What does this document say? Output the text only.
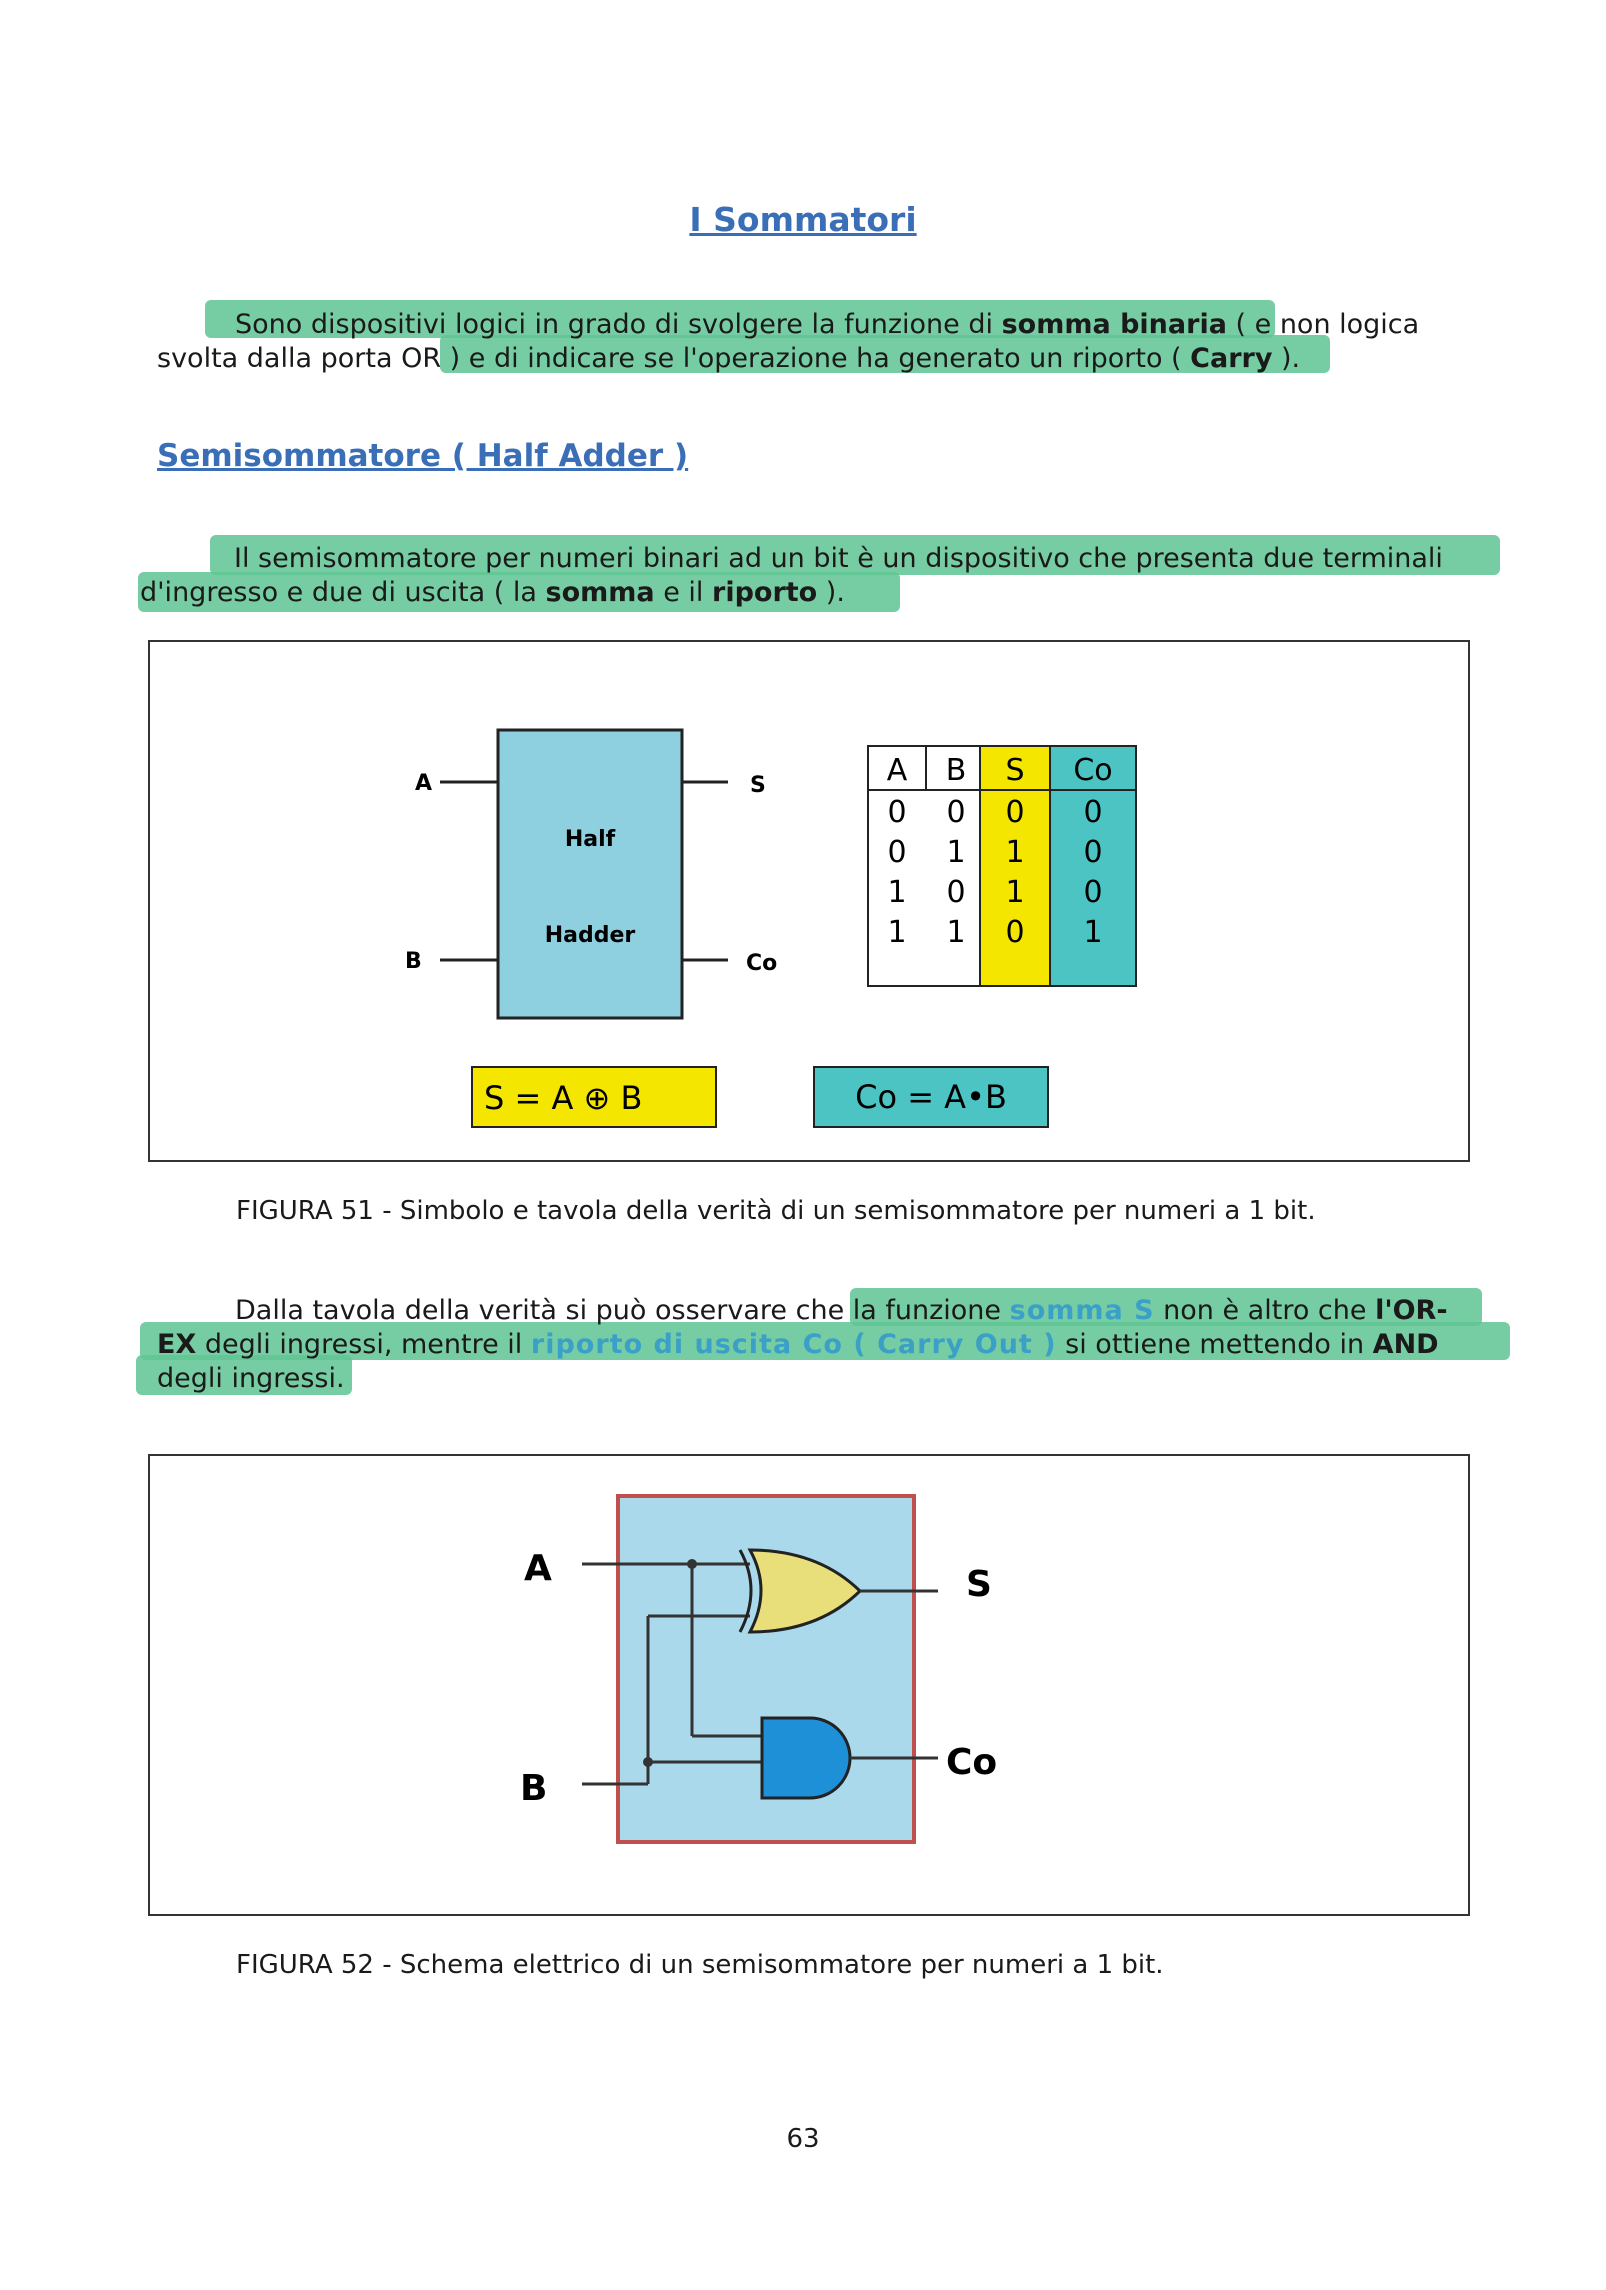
I Sommatori
Sono dispositivi logici in grado di svolgere la funzione di somma binaria ( e non logica
svolta dalla porta OR ) e di indicare se l'operazione ha generato un riporto ( Carry ).
Semisommatore ( Half Adder )
Il semisommatore per numeri binari ad un bit è un dispositivo che presenta due terminali
d'ingresso e due di uscita ( la somma e il riporto ).
A
B
S
Co
Half
Hadder
A B S Co
0 0 0 0
0 1 1 0
1 0 1 0
1 1 0 1
S = A ⊕ B	Co = A•B
FIGURA 51 - Simbolo e tavola della verità di un semisommatore per numeri a 1 bit.
Dalla tavola della verità si può osservare che la funzione somma S non è altro che l'OR-
EX degli ingressi, mentre il riporto di uscita Co ( Carry Out ) si ottiene mettendo in AND
degli ingressi.
A
B
S
Co
FIGURA 52 - Schema elettrico di un semisommatore per numeri a 1 bit.
63
